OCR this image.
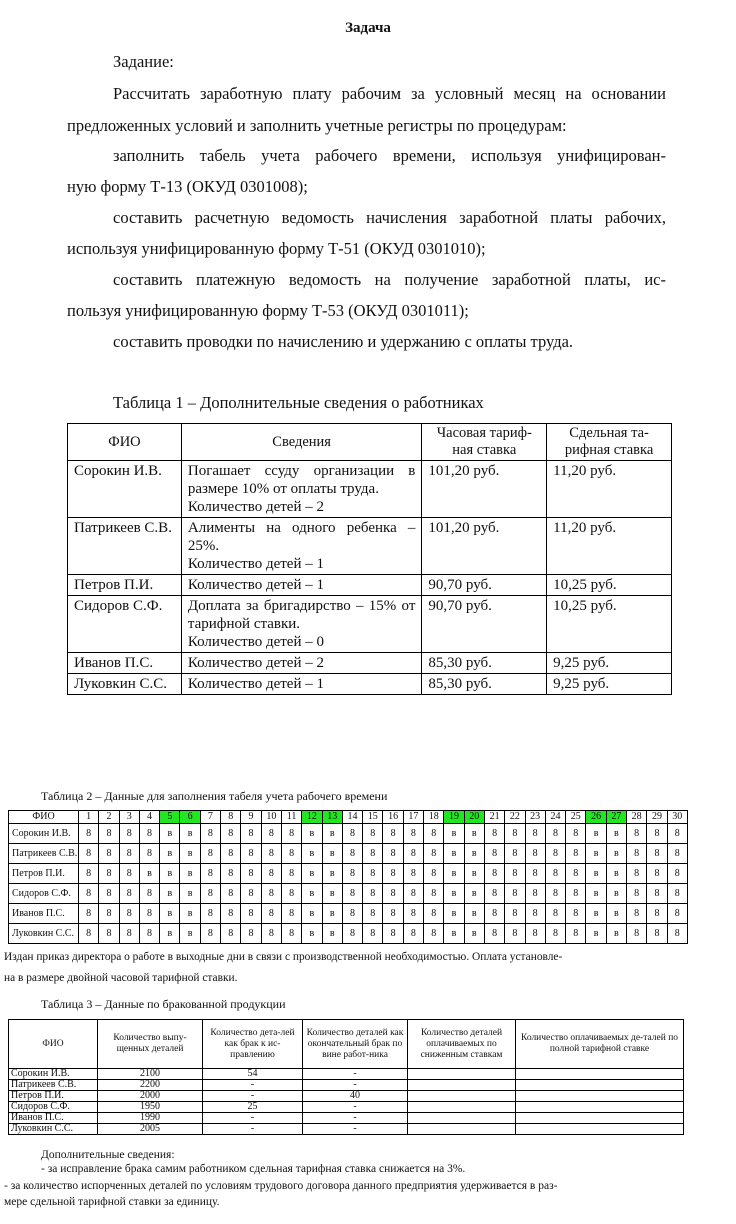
Задача
Задание:
Рассчитать заработную плату рабочим за условный месяц на основании
предложенных условий и заполнить учетные регистры по процедурам:
заполнить табель учета рабочего времени, используя унифицирован-
ную форму Т-13 (ОКУД 0301008);
составить расчетную ведомость начисления заработной платы рабочих,
используя унифицированную форму Т-51 (ОКУД 0301010);
составить платежную ведомость на получение заработной платы, ис-
пользуя унифицированную форму Т-53 (ОКУД 0301011);
составить проводки по начислению и удержанию с оплаты труда.
Таблица 1 – Дополнительные сведения о работниках
ФИО	Сведения	Часовая тариф-ная ставка	Сдельная та-рифная ставка
Сорокин И.В.	Погашает ссуду организации в размере 10% от оплаты труда.
Количество детей – 2	101,20 руб.	11,20 руб.
Патрикеев С.В.	Алименты на одного ребенка – 25%.
Количество детей – 1	101,20 руб.	11,20 руб.
Петров П.И.	Количество детей – 1	90,70 руб.	10,25 руб.
Сидоров С.Ф.	Доплата за бригадирство – 15% от тарифной ставки.
Количество детей – 0	90,70 руб.	10,25 руб.
Иванов П.С.	Количество детей – 2	85,30 руб.	9,25 руб.
Луковкин С.С.	Количество детей – 1	85,30 руб.	9,25 руб.
Таблица 2 – Данные для заполнения табеля учета рабочего времени
ФИО	1	2	3	4	5	6	7	8	9	10	11	12	13	14	15	16	17	18	19	20	21	22	23	24	25	26	27	28	29	30
Сорокин И.В.	8	8	8	8	в	в	8	8	8	8	8	в	в	8	8	8	8	8	в	в	8	8	8	8	8	в	в	8	8	8
Патрикеев С.В.	8	8	8	8	в	в	8	8	8	8	8	в	в	8	8	8	8	8	в	в	8	8	8	8	8	в	в	8	8	8
Петров П.И.	8	8	8	в	в	в	8	8	8	8	8	в	в	8	8	8	8	8	в	в	8	8	8	8	8	в	в	8	8	8
Сидоров С.Ф.	8	8	8	8	в	в	8	8	8	8	8	в	в	8	8	8	8	8	в	в	8	8	8	8	8	в	в	8	8	8
Иванов П.С.	8	8	8	8	в	в	8	8	8	8	8	в	в	8	8	8	8	8	в	в	8	8	8	8	8	в	в	8	8	8
Луковкин С.С.	8	8	8	8	в	в	8	8	8	8	8	в	в	8	8	8	8	8	в	в	8	8	8	8	8	в	в	8	8	8
Издан приказ директора о работе в выходные дни в связи с производственной необходимостью. Оплата установле-
на в размере двойной часовой тарифной ставки.
Таблица 3 – Данные по бракованной продукции
ФИО	Количество выпу-щенных деталей	Количество дета-лей как брак к ис-правлению	Количество деталей как окончательный брак по вине работ-ника	Количество деталей оплачиваемых по сниженным ставкам	Количество оплачиваемых де-талей по полной тарифной ставке
Сорокин И.В.	2100	54	-		
Патрикеев С.В.	2200	-	-		
Петров П.И.	2000	-	40		
Сидоров С.Ф.	1950	25	-		
Иванов П.С.	1990	-	-		
Луковкин С.С.	2005	-	-		
Дополнительные сведения:
- за исправление брака самим работником сдельная тарифная ставка снижается на 3%.
- за количество испорченных деталей по условиям трудового договора данного предприятия удерживается в раз-
мере сдельной тарифной ставки за единицу.
